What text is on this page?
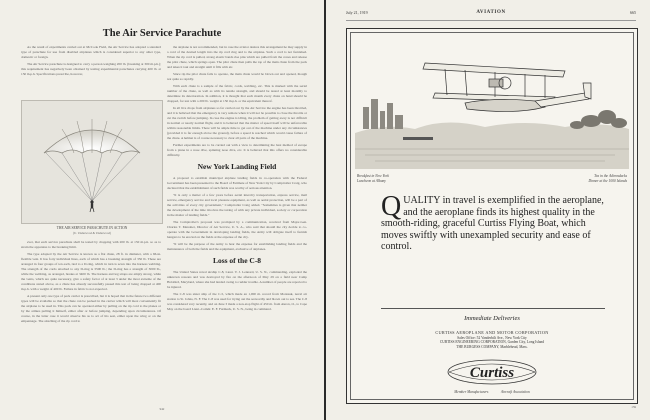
The Air Service Parachute

As the result of experiments carried out at McCook Field, the Air Service has adopted a standard type of parachute for use from disabled airplanes which is considered superior to any other type, domestic or foreign.

The Air Service parachute is designed to carry a person weighing 200 lb. (breaking at 300 m.p.h.); this requirement has negatively been obtained by testing experimental parachutes carrying 400 lb. at 150 m.p.h. Specifications prescribe, however,

THE AIR SERVICE PARACHUTE IN ACTION
(U. Underwood & Underwood)

ever, that each service parachute shall be tested by dropping with 200 lb. at 150 m.p.h. so as to strain the apparatus to the breaking limit.

The type adopted by the Air Service is known as a flat chute, 28 ft. in diameter, with a 66-in. flexible vent. It has forty individual lines, each of which has a breaking strength of 350 lb. These are arranged in four groups of ten each, tied to a D-ring, which in turn is sewn into the harness webbing. The strength of the cords attached to any D-ring is 3500 lb.; the D-ring has a strength of 3000 lb., while the webbing, as arranged, breaks at 3400 lb. The harness and leg straps are amply strong, while the vents, which are quite necessary, give a safety factor of at least 3 under the most extreme of the conditions stated above, as a chute has already successfully passed this test of being dropped at 400 m.p.h. with a weight of 400 lb. Failure in fabric is not expected.

A present only one type of pack carrier is prescribed, but it is hoped that in the future two different types will be available so that the chute can be packed in the carrier which will most conveniently fit the airplane to be used in. This pack can be operated either by pulling on the rip cord to the planes or by the armies pulling it himself, either after or before jumping, depending upon circumstances. Of course, in the latter case it would observe his as to act of his seat, either upon the wing or on the empennage. The attaching of the rip cord to

the airplane is not recommended, but in case the aviator desires this arrangement he may supply in a cord of the desired length into the rip cord ring and to the airplane. Such a cord is not furnished. When the rip cord is pulled, strong elastic bands rise pins which are pulled from the cones and release the pilot chute, which springs open. The pilot chute then pulls the top of the main chute from the pack and takes it taut and straight until it fills with air.

Since rip the pilot chute fails to operate, the main chute would be blown out and opened, though not quite so rapidly.

With each chute is a sample of the fabric, cords, webbing, etc. This is marked with the serial number of the chute, as well as with its tensile strength, and should be tested at least monthly to determine its deterioration. In addition, it is thought that each month every chute on hand should be dropped, for test with a 200 lb. weight at 150 m.p.h. or the equivalent thereof.

In all live drops from airplanes so far carried out by the Air Service the engine has been throttled, and it is believed that the emergency is very remote when it will not be possible to close the throttle or cut the switch before jumping. In case the engine is idling, the problem of getting away is not difficult in normal or nearly normal flight, and it is believed that the matter of speed itself will be unfavorable within reasonable limits. There will be ample time to get out of the machine under any circumstances (provided it is far enough above the ground), before a speed is reached which would cause failure of the chute. A helmet is of course necessary to clear all parts of the machine.

Further experiments are to be carried out with a view to determining the best method of escape from a plane in a nose dive, spinning nose dive, etc. It is believed that this offers no considerable difficulty.

New York Landing Field

A proposal to establish municipal airplane landing fields in co-operation with the Federal Government has been presented to the Board of Estimate of New York City by Comptroller Craig, who declared that the establishment of such fields was worthy of serious attention.

"It is only a matter of a few years before aerial intercity transportation, express service, mail service, emergency service and local pleasure equipment, as well as aerial protection, will be a part of the activities of every city government," Comptroller Craig added. "Sometimes is given that neither the development of the time involves the taxing of with any private individual, society or corporation in the matter of landing fields."

The Comptroller's proposal was prompted by a communication, received from Major-Gen. Charles T. Menoher, Director of Air Service, U. S. A., who said that should the city decide to co-operate with the Government in developing landing fields, the Army will obligate itself to furnish hangars to be erected on the fields at the expense of the city.

"It will be the purpose of the Army to bear the expense for establishing landing fields and the maintenance of both the fields and the equipment, exclusive of airplanes.

Loss of the C-8

The United States naval airship C-8, Lieut. V. J. Lennard, U. S. N., commanding, exploded the unknown reasons and was destroyed by fire on the afternoon of May 29 on a field near Camp Holabird, Maryland, where she had landed owing to rudder trouble. A number of people are reported to be injured.

The C-8 was sister ship of the C-5, which made an 1,000 m. record from Montauk, naval air station to St. Johns, N. F. The C-8 was used for trying out the seaworthy and blown out to sea. The C-8 was considered very recently, and on June 3 made a non-stop flight of 450 m. from Akron, O., to Cape May on the board Lieut.-Comdr. E. F. Furmack, U. S. N., being in command.

942
July 21, 1919	AVIATION	665
Breakfast in New York
Luncheon at Albany
Tea in the Adirondacks
Dinner at the 1000 Islands
QUALITY in travel is exemplified in the aeroplane, and the aeroplane finds its highest quality in the smooth-riding, graceful Curtiss Flying Boat, which moves swiftly with unexampled security and ease of control.
Immediate Deliveries
CURTISS AEROPLANE AND MOTOR CORPORATION
Sales Office: 52 Vanderbilt Ave., New York City
CURTISS ENGINEERING CORPORATION, Garden City, Long Island
THE BURGESS COMPANY, Marblehead, Mass.
Curtiss
Member Manufacturers	Aircraft Association
159
